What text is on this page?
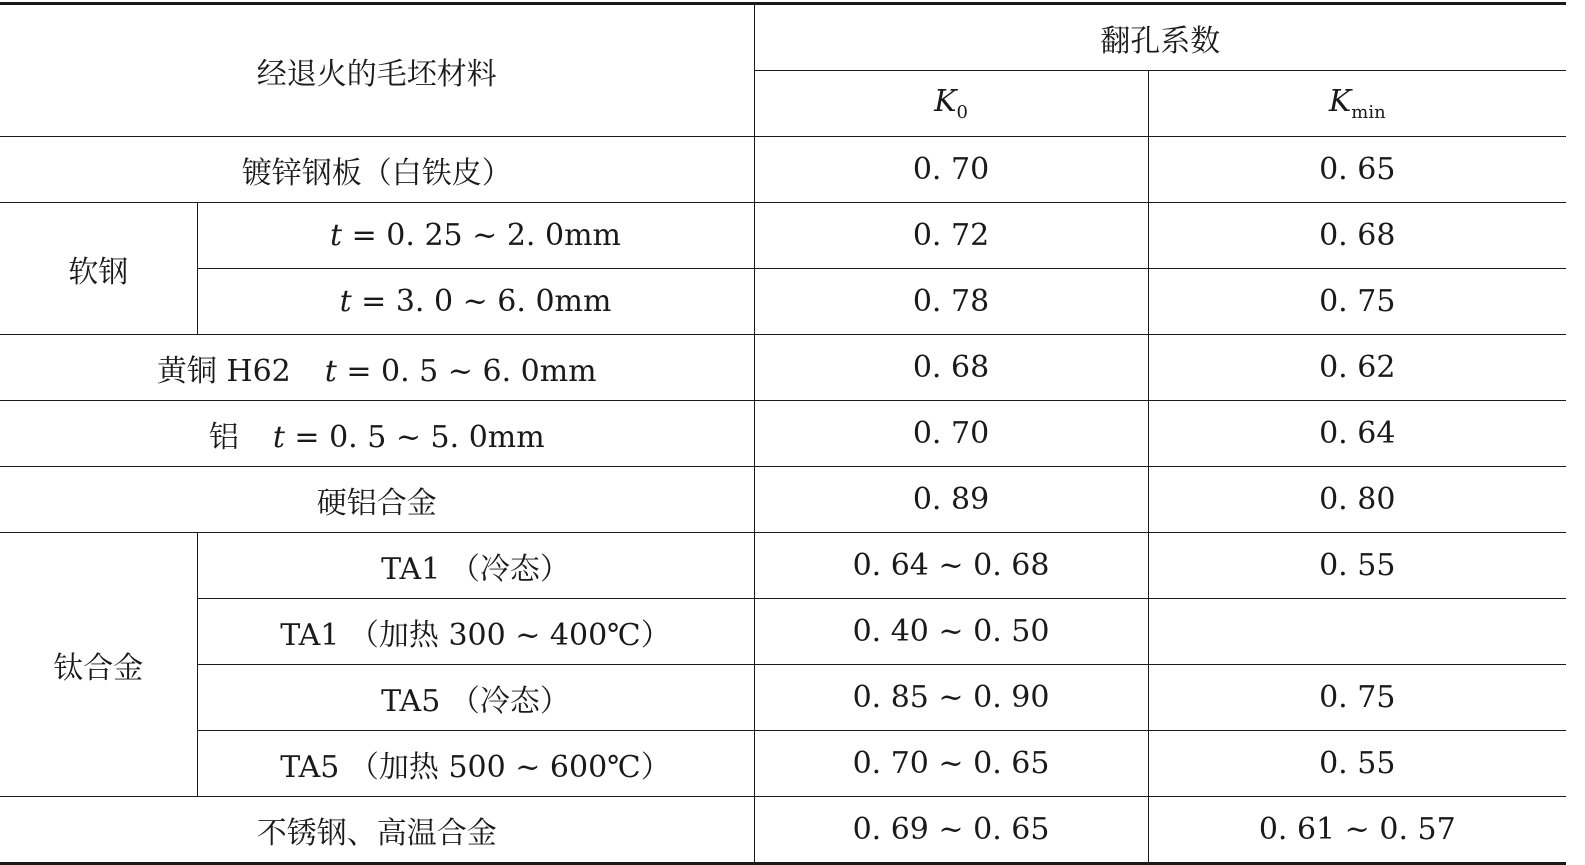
经退火的毛坯材料		翻孔系数	
		$K_0$	$K_{min}$
镀锌钢板（白铁皮）		0. 70	0. 65
软钢	t = 0. 25 ~ 2. 0mm	0. 72	0. 68
	t = 3. 0 ~ 6. 0mm	0. 78	0. 75
黄铜 H62 t = 0. 5 ~ 6. 0mm		0. 68	0. 62
铝 t = 0. 5 ~ 5. 0mm		0. 70	0. 64
硬铝合金		0. 89	0. 80
钛合金	TA1 （冷态）	0. 64 ~ 0. 68	0. 55
	TA1 （加热 300 ~ 400℃）	0. 40 ~ 0. 50	
	TA5 （冷态）	0. 85 ~ 0. 90	0. 75
	TA5 （加热 500 ~ 600℃）	0. 70 ~ 0. 65	0. 55
不锈钢、高温合金		0. 69 ~ 0. 65	0. 61 ~ 0. 57
